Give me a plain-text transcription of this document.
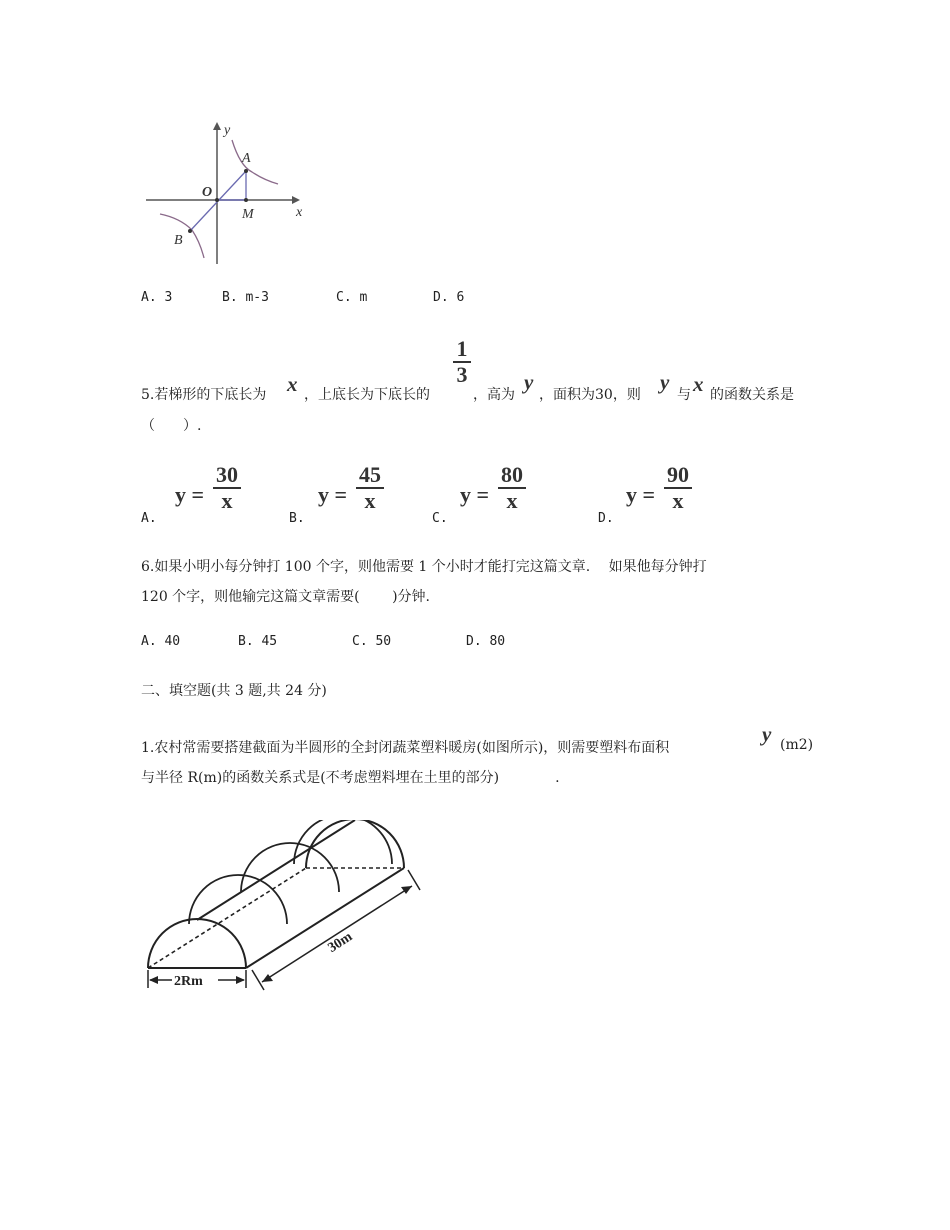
y
x
O
A
M
B
A. 3	B. m-3	C. m	D. 6
5.若梯形的下底长为 x ，上底长为下底长的
1
3
，高为
y
，面积为30，则
y
与 x 的函数关系是
（　　）.
A.
y =
30
x
B.
y =
45
x
C.
y =
80
x
D.
y =
90
x
6.如果小明小每分钟打 100 个字，则他需要 1 个小时才能打完这篇文章.　 如果他每分钟打
120 个字，则他输完这篇文章需要(　　 )分钟.
A. 40	B. 45	C. 50	D. 80
二、填空题(共 3 题,共 24 分)
1.农村常需要搭建截面为半圆形的全封闭蔬菜塑料暖房(如图所示)，则需要塑料布面积
y (m2)
与半径 R(m)的函数关系式是(不考虑塑料埋在土里的部分)　　　　.
2Rm
30m
